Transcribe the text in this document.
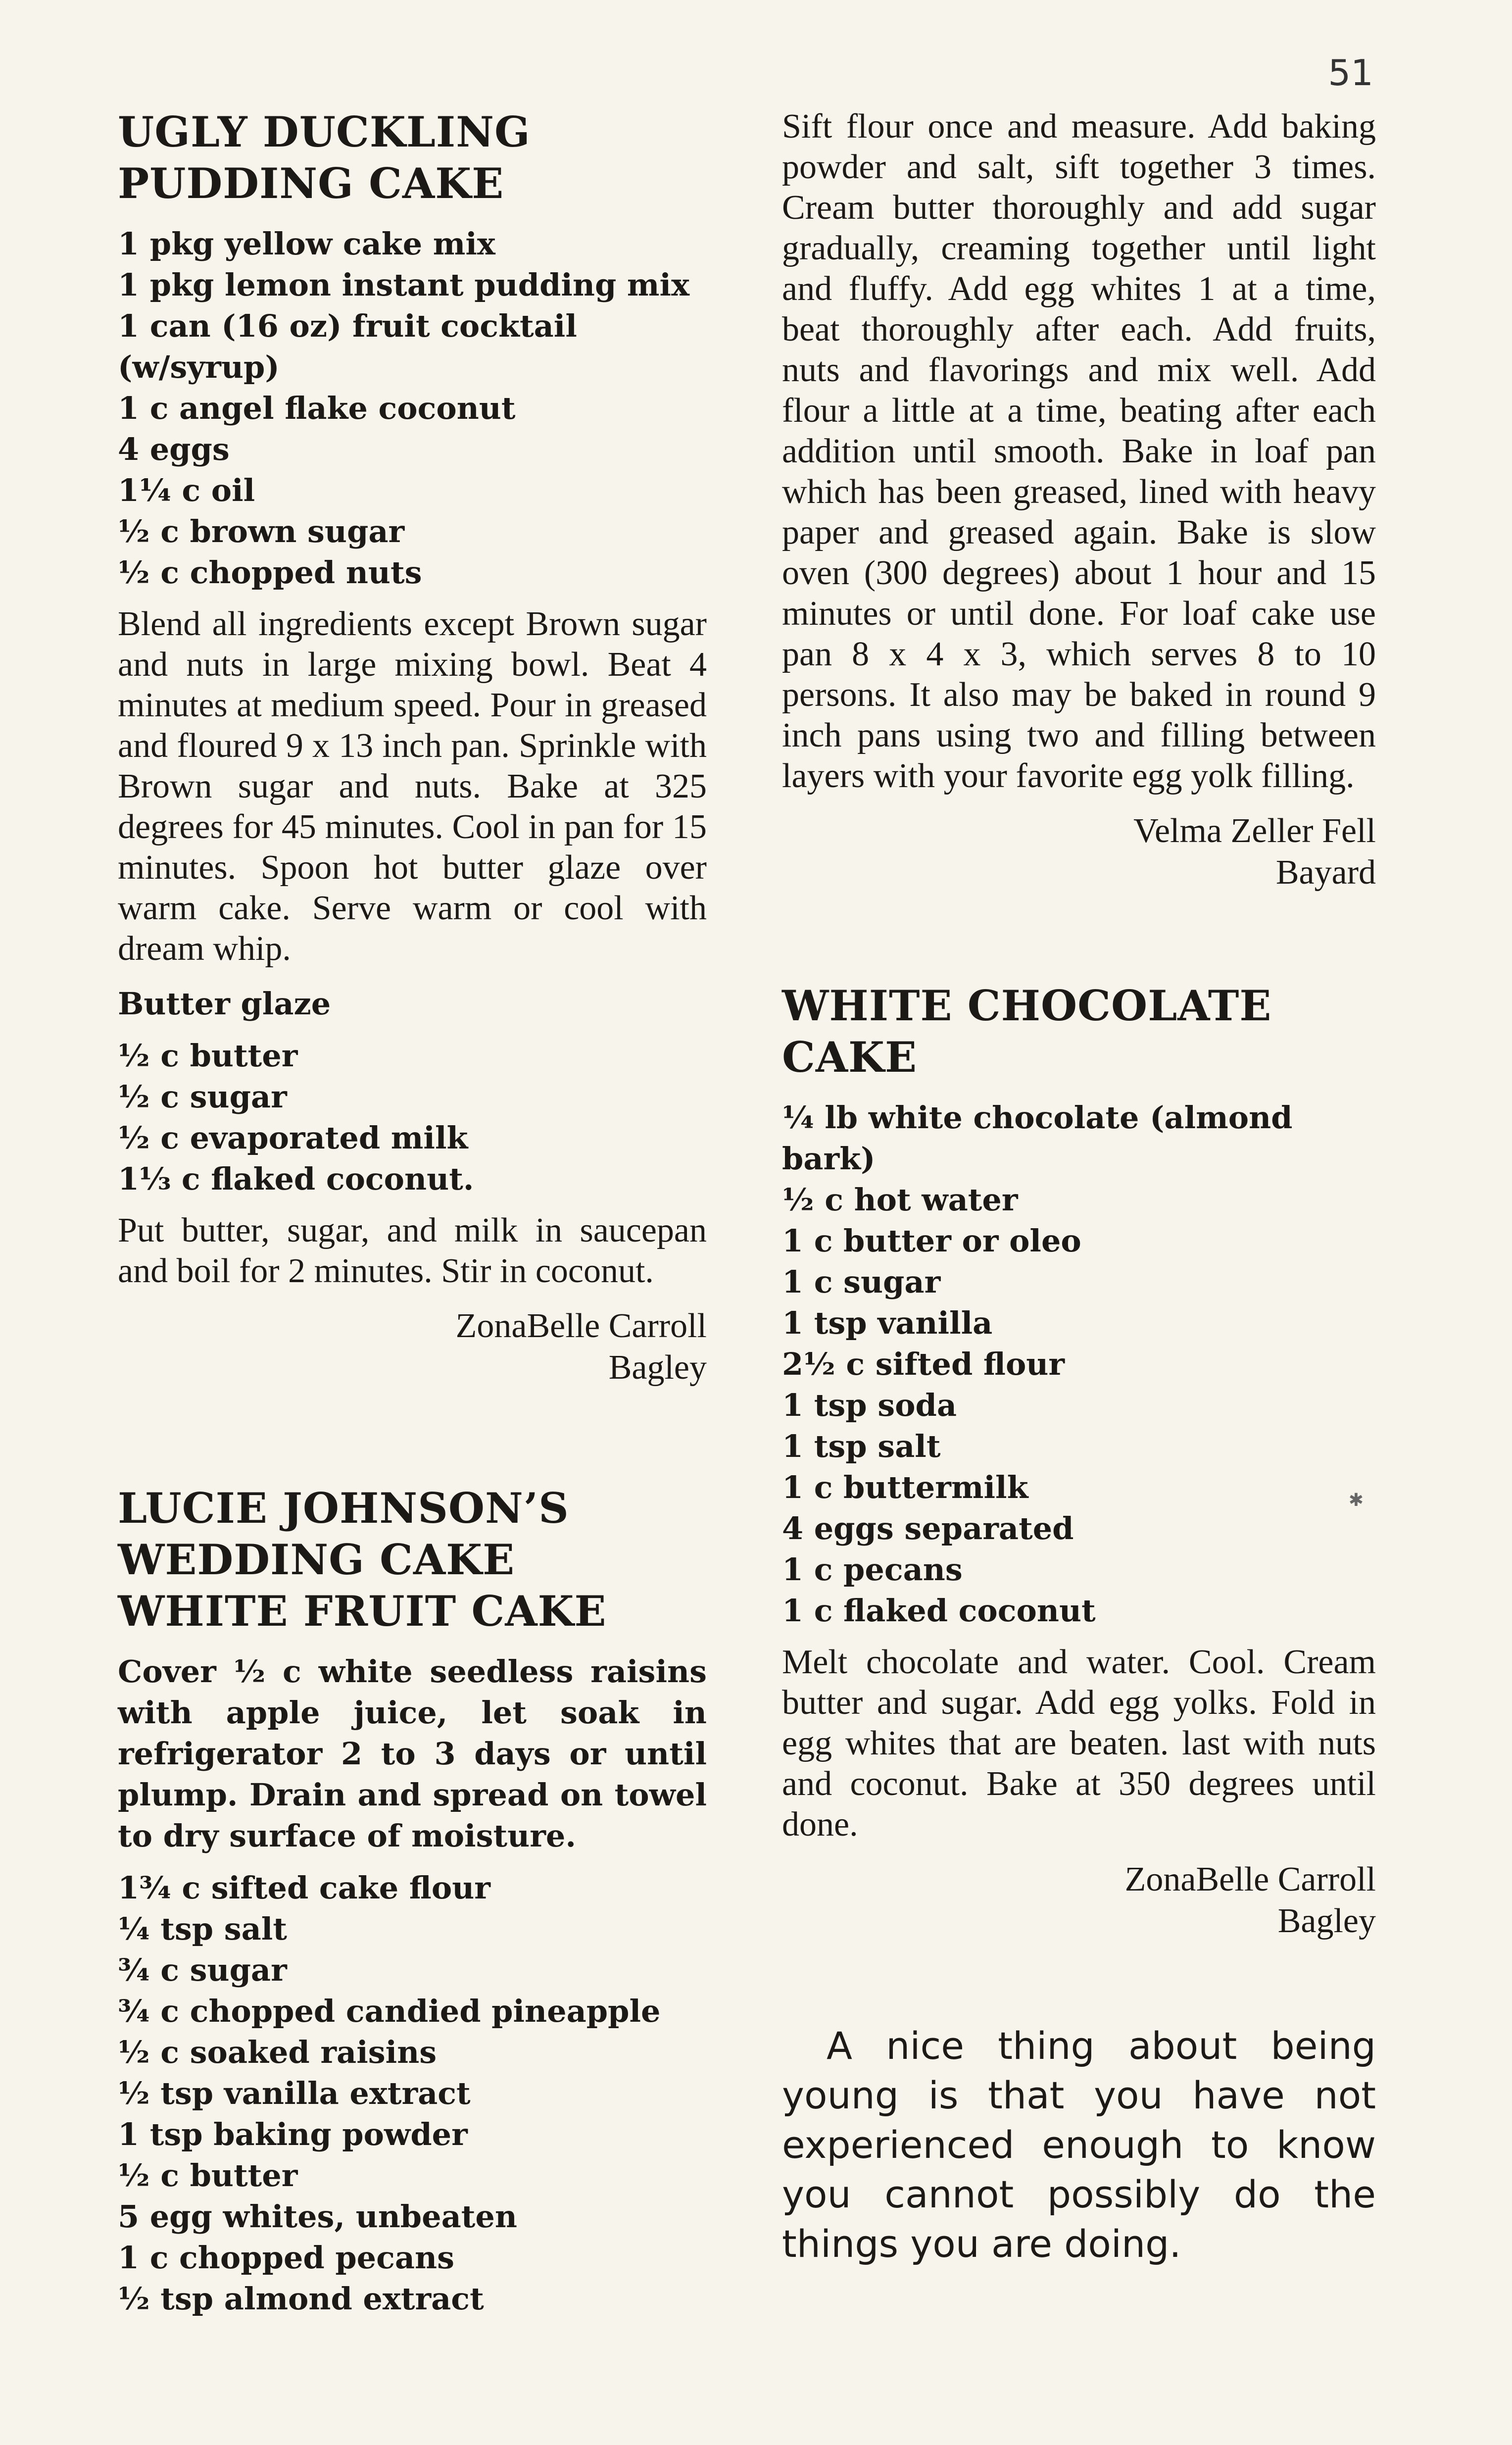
51
UGLY DUCKLING
PUDDING CAKE
1 pkg yellow cake mix
1 pkg lemon instant pudding mix
1 can (16 oz) fruit cocktail (w/syrup)
1 c angel flake coconut
4 eggs
1¼ c oil
½ c brown sugar
½ c chopped nuts

Blend all ingredients except Brown sugar and nuts in large mixing bowl. Beat 4 minutes at medium speed. Pour in greased and floured 9 x 13 inch pan. Sprinkle with Brown sugar and nuts. Bake at 325 degrees for 45 minutes. Cool in pan for 15 minutes. Spoon hot butter glaze over warm cake. Serve warm or cool with dream whip.

Butter glaze
½ c butter
½ c sugar
½ c evaporated milk
1⅓ c flaked coconut.

Put butter, sugar, and milk in saucepan and boil for 2 minutes. Stir in coconut.

ZonaBelle Carroll

Bagley

LUCIE JOHNSON’S
WEDDING CAKE
WHITE FRUIT CAKE

Cover ½ c white seedless raisins with apple juice, let soak in refrigerator 2 to 3 days or until plump. Drain and spread on towel to dry surface of moisture.

1¾ c sifted cake flour
¼ tsp salt
¾ c sugar
¾ c chopped candied pineapple
½ c soaked raisins
½ tsp vanilla extract
1 tsp baking powder
½ c butter
5 egg whites, unbeaten
1 c chopped pecans
½ tsp almond extract

Sift flour once and measure. Add baking powder and salt, sift together 3 times. Cream butter thoroughly and add sugar gradually, creaming together until light and fluffy. Add egg whites 1 at a time, beat thoroughly after each. Add fruits, nuts and flavorings and mix well. Add flour a little at a time, beating after each addition until smooth. Bake in loaf pan which has been greased, lined with heavy paper and greased again. Bake is slow oven (300 degrees) about 1 hour and 15 minutes or until done. For loaf cake use pan 8 x 4 x 3, which serves 8 to 10 persons. It also may be baked in round 9 inch pans using two and filling between layers with your favorite egg yolk filling.

Velma Zeller Fell

Bayard

WHITE CHOCOLATE
CAKE
¼ lb white chocolate (almond bark)
½ c hot water
1 c butter or oleo
1 c sugar
1 tsp vanilla
2½ c sifted flour
1 tsp soda
1 tsp salt
1 c buttermilk
4 eggs separated
1 c pecans
1 c flaked coconut

Melt chocolate and water. Cool. Cream butter and sugar. Add egg yolks. Fold in egg whites that are beaten. last with nuts and coconut. Bake at 350 degrees until done.

ZonaBelle Carroll

Bagley

A nice thing about being young is that you have not experienced enough to know you cannot possibly do the things you are doing.

✱
